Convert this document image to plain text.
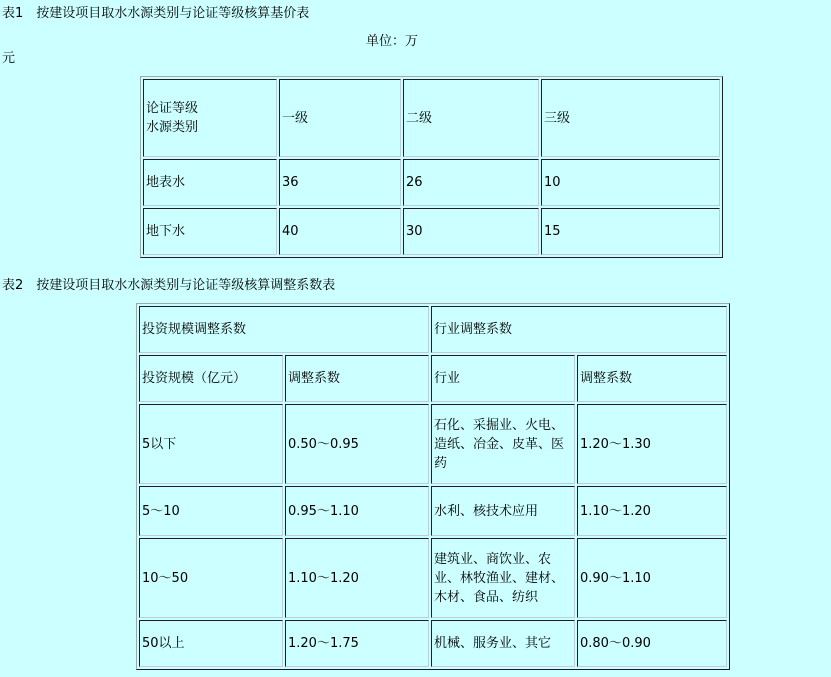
表1　按建设项目取水水源类别与论证等级核算基价表
单位：万
元
论证等级
水源类别	一级	二级	三级
地表水	36	26	10
地下水	40	30	15
表2　按建设项目取水水源类别与论证等级核算调整系数表
投资规模调整系数		行业调整系数	
投资规模（亿元）	调整系数	行业	调整系数
5以下	0.50～0.95	石化、采掘业、火电、造纸、冶金、皮革、医药	1.20～1.30
5～10	0.95～1.10	水利、核技术应用	1.10～1.20
10～50	1.10～1.20	建筑业、商饮业、农业、林牧渔业、建材、木材、食品、纺织	0.90～1.10
50以上	1.20～1.75	机械、服务业、其它	0.80～0.90
